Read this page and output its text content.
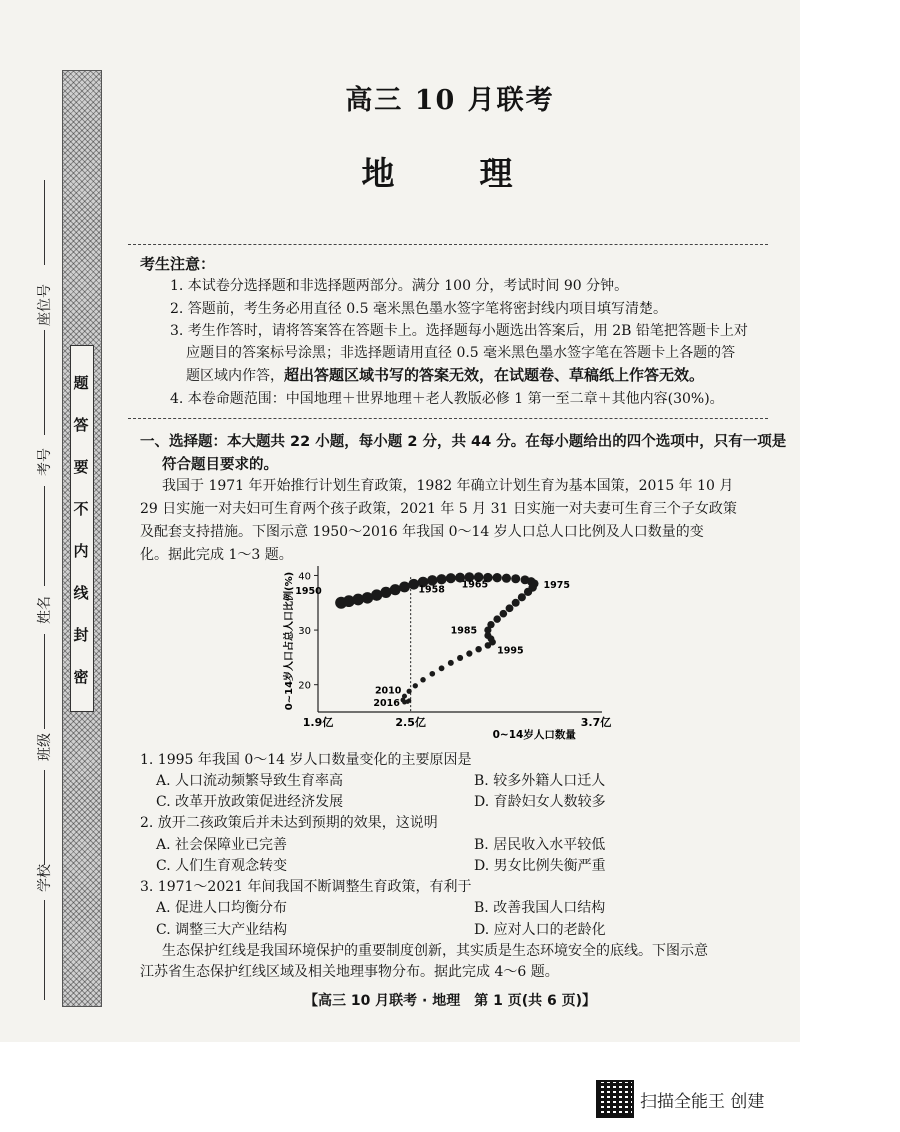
题
答
要
不
内
线
封
密
座位号
考号
姓名
班级
学校
高三 10 月联考
地　理
考生注意：
1. 本试卷分选择题和非选择题两部分。满分 100 分，考试时间 90 分钟。
2. 答题前，考生务必用直径 0.5 毫米黑色墨水签字笔将密封线内项目填写清楚。
3. 考生作答时，请将答案答在答题卡上。选择题每小题选出答案后，用 2B 铅笔把答题卡上对
应题目的答案标号涂黑；非选择题请用直径 0.5 毫米黑色墨水签字笔在答题卡上各题的答
题区域内作答，超出答题区域书写的答案无效，在试题卷、草稿纸上作答无效。
4. 本卷命题范围：中国地理＋世界地理＋老人教版必修 1 第一至二章＋其他内容(30%)。
一、选择题：本大题共 22 小题，每小题 2 分，共 44 分。在每小题给出的四个选项中，只有一项是
符合题目要求的。
我国于 1971 年开始推行计划生育政策，1982 年确立计划生育为基本国策，2015 年 10 月
29 日实施一对夫妇可生育两个孩子政策，2021 年 5 月 31 日实施一对夫妻可生育三个子女政策
及配套支持措施。下图示意 1950～2016 年我国 0～14 岁人口总人口比例及人口数量的变
化。据此完成 1～3 题。
20
30
40
1.9亿	2.5亿	3.7亿
0~14岁人口占总人口比例(%)
0~14岁人口数量
1950	1958 1965	1975
1985
1995
2010
2016
1. 1995 年我国 0～14 岁人口数量变化的主要原因是
A. 人口流动频繁导致生育率高	B. 较多外籍人口迁人
C. 改革开放政策促进经济发展	D. 育龄妇女人数较多
2. 放开二孩政策后并未达到预期的效果，这说明
A. 社会保障业已完善	B. 居民收入水平较低
C. 人们生育观念转变	D. 男女比例失衡严重
3. 1971～2021 年间我国不断调整生育政策，有利于
A. 促进人口均衡分布	B. 改善我国人口结构
C. 调整三大产业结构	D. 应对人口的老龄化
生态保护红线是我国环境保护的重要制度创新，其实质是生态环境安全的底线。下图示意
江苏省生态保护红线区域及相关地理事物分布。据此完成 4～6 题。
【高三 10 月联考 · 地理　第 1 页(共 6 页)】
扫描全能王 创建
